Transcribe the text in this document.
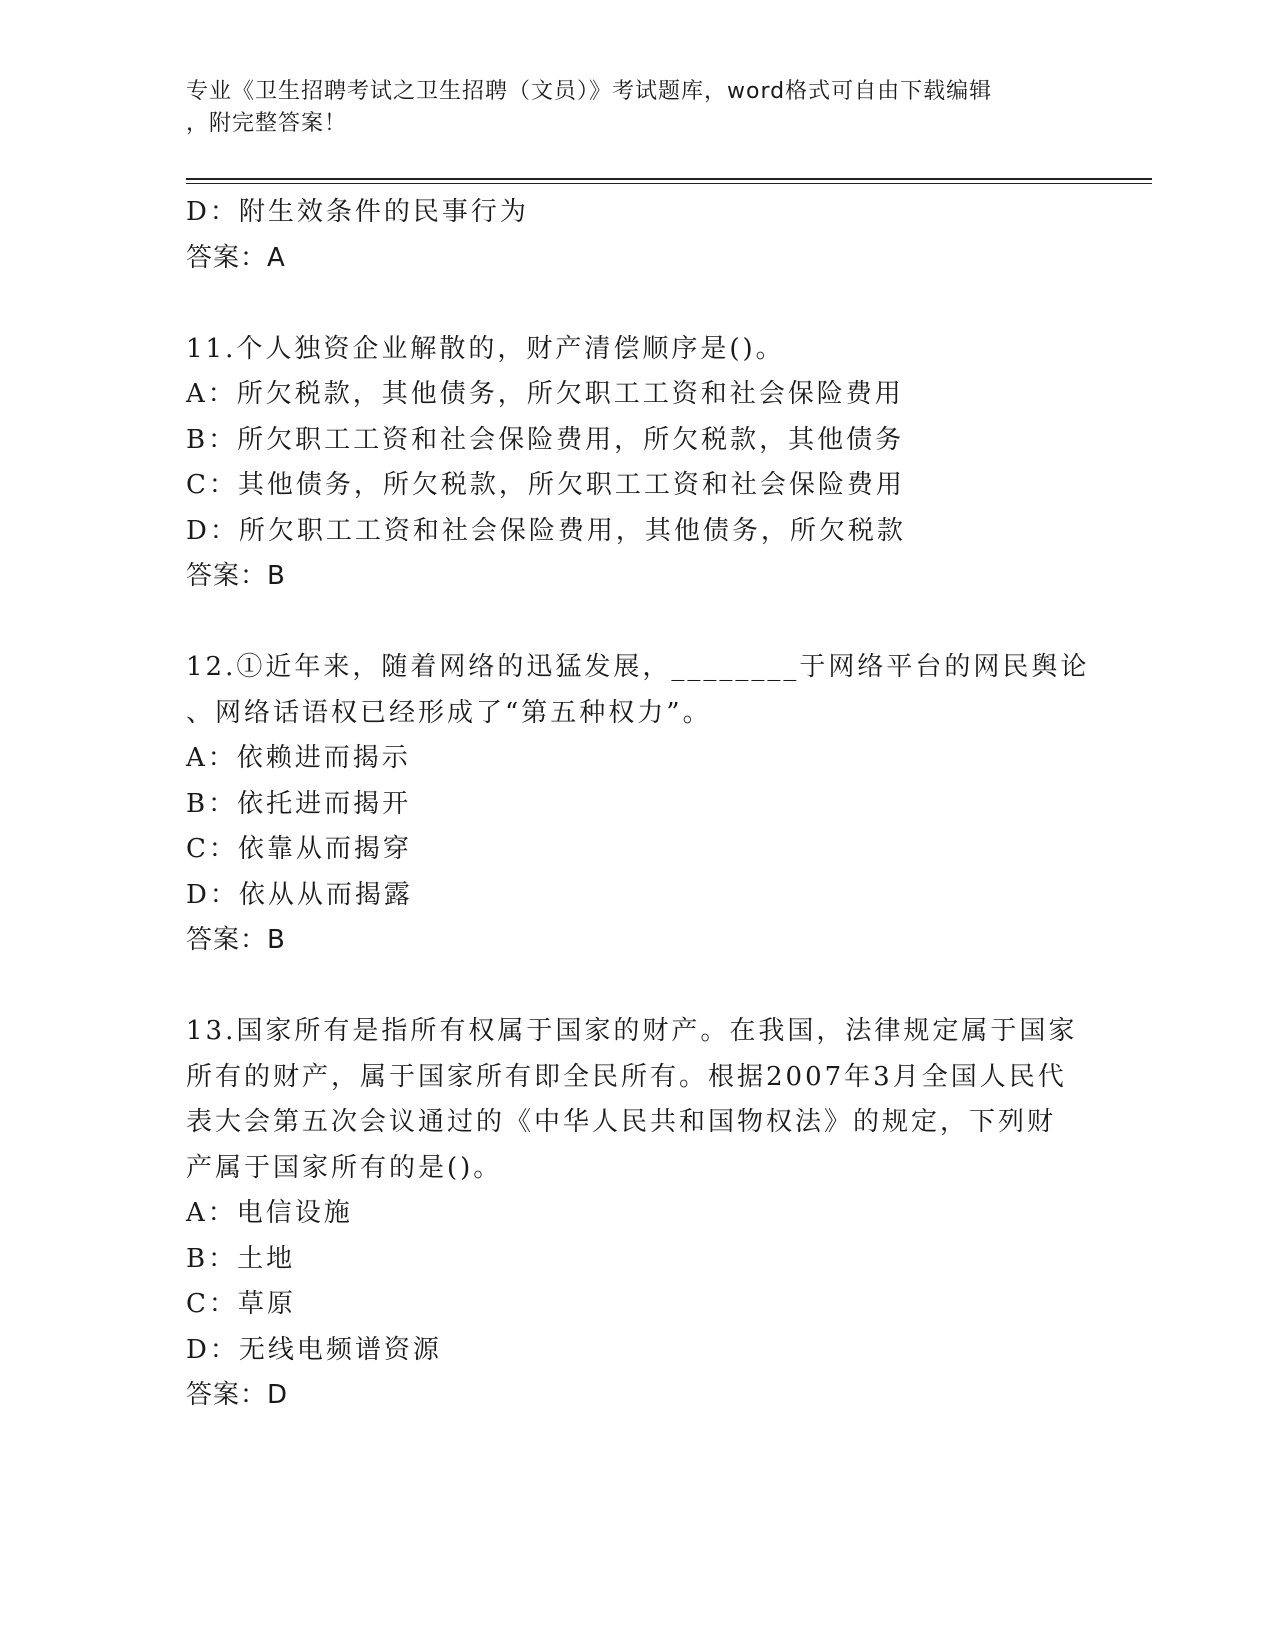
专业《卫生招聘考试之卫生招聘（文员）》考试题库，word格式可自由下载编辑
，附完整答案！
D：附生效条件的民事行为
答案：A
11.个人独资企业解散的，财产清偿顺序是()。
A：所欠税款，其他债务，所欠职工工资和社会保险费用
B：所欠职工工资和社会保险费用，所欠税款，其他债务
C：其他债务，所欠税款，所欠职工工资和社会保险费用
D：所欠职工工资和社会保险费用，其他债务，所欠税款
答案：B
12.①近年来，随着网络的迅猛发展，________于网络平台的网民舆论
、网络话语权已经形成了“第五种权力”。
A：依赖进而揭示
B：依托进而揭开
C：依靠从而揭穿
D：依从从而揭露
答案：B
13.国家所有是指所有权属于国家的财产。在我国，法律规定属于国家
所有的财产，属于国家所有即全民所有。根据2007年3月全国人民代
表大会第五次会议通过的《中华人民共和国物权法》的规定，下列财
产属于国家所有的是()。
A：电信设施
B：土地
C：草原
D：无线电频谱资源
答案：D
